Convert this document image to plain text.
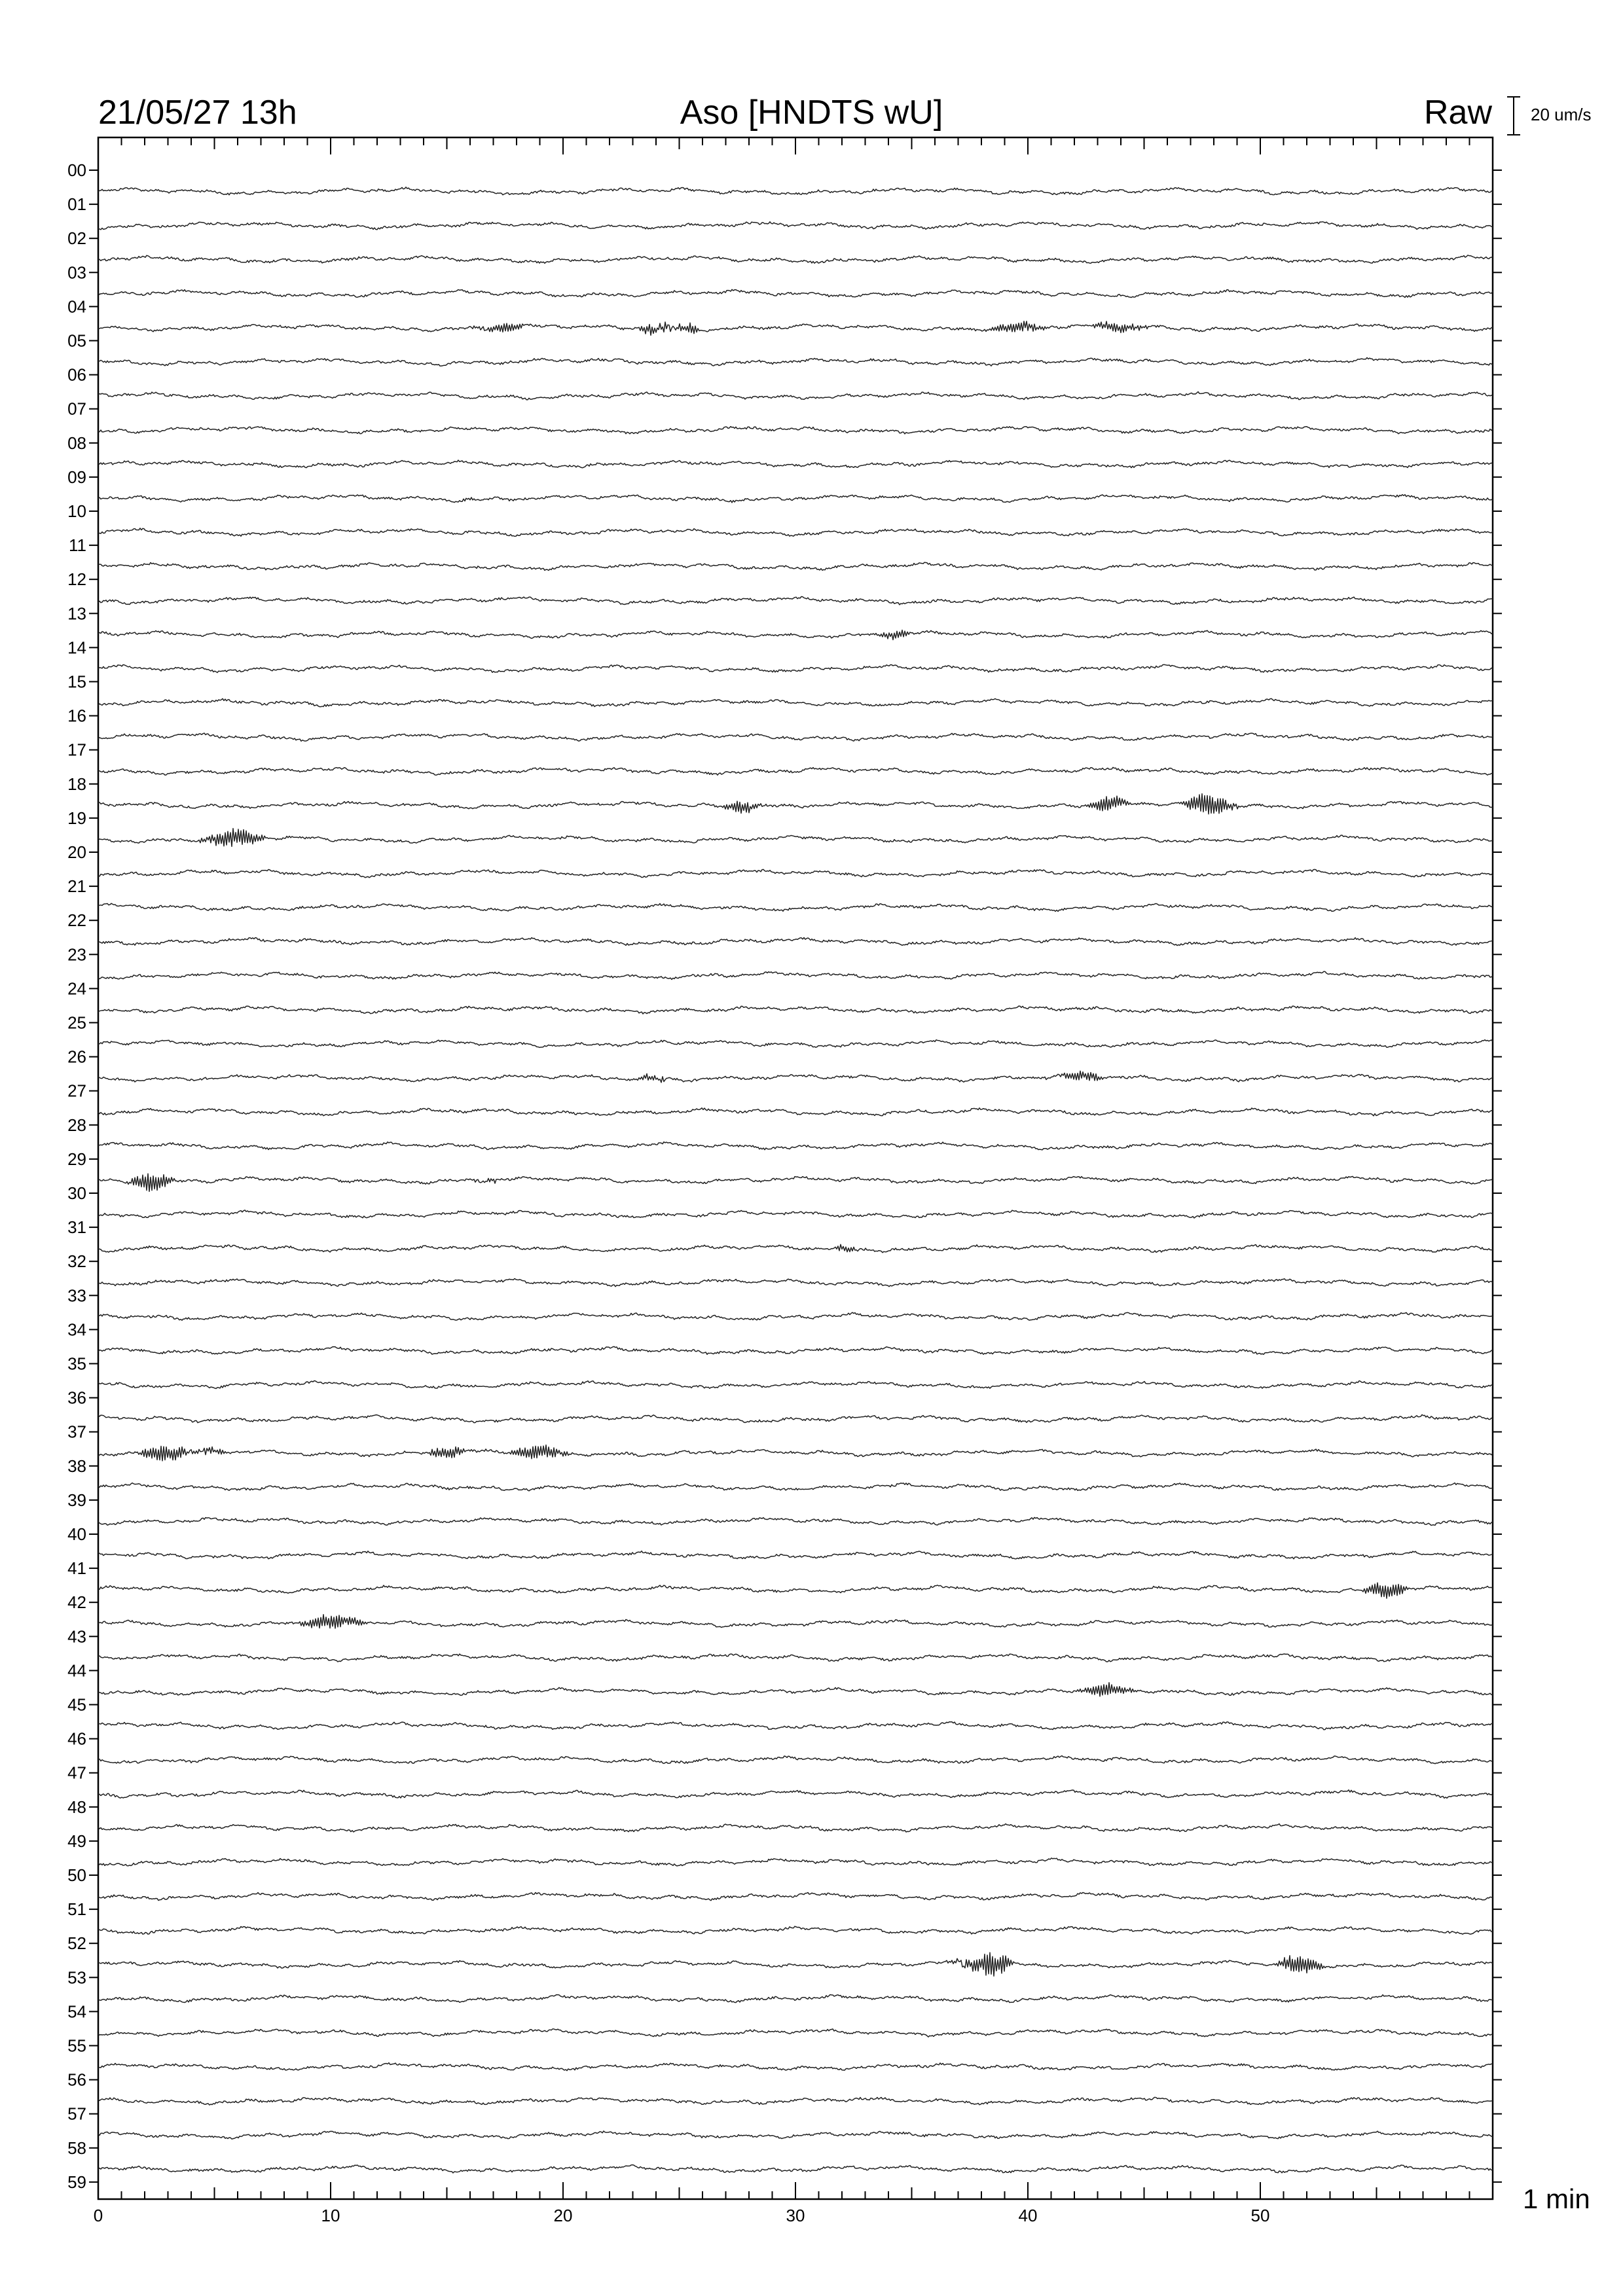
21/05/27 13h	Aso [HNDTS wU]	Raw 20 um/s
1 min
0	10	20	30	40	50
00
01
02
03
04
05
06
07
08
09
10
11
12
13
14
15
16
17
18
19
20
21
22
23
24
25
26
27
28
29
30
31
32
33
34
35
36
37
38
39
40
41
42
43
44
45
46
47
48
49
50
51
52
53
54
55
56
57
58
59
